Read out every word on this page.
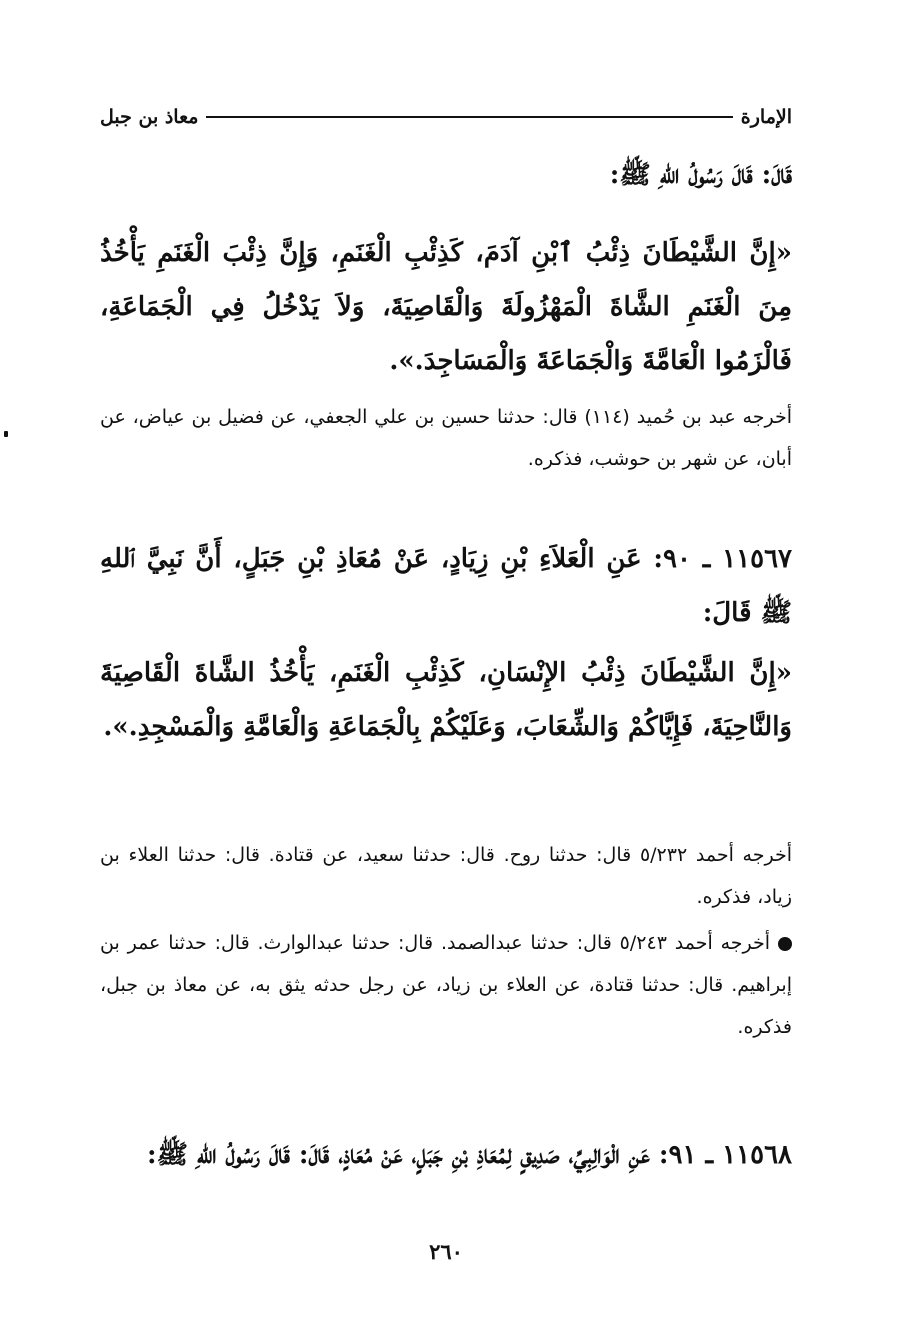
الإمارة
معاذ بن جبل
قَالَ: قَالَ رَسُولُ اللهِ ﷺ:
«إِنَّ الشَّيْطَانَ ذِئْبُ ٱبْنِ آدَمَ، كَذِئْبِ الْغَنَمِ، وَإِنَّ ذِئْبَ الْغَنَمِ يَأْخُذُ مِنَ الْغَنَمِ الشَّاةَ الْمَهْزُولَةَ وَالْقَاصِيَةَ، وَلاَ يَدْخُلُ فِي الْجَمَاعَةِ، فَالْزَمُوا الْعَامَّةَ وَالْجَمَاعَةَ وَالْمَسَاجِدَ.».
أخرجه عبد بن حُميد (١١٤) قال: حدثنا حسين بن علي الجعفي، عن فضيل بن عياض، عن أبان، عن شهر بن حوشب، فذكره.
١١٥٦٧ ـ ٩٠: عَنِ الْعَلاَءِ بْنِ زِيَادٍ، عَنْ مُعَاذِ بْنِ جَبَلٍ، أَنَّ نَبِيَّ ٱللهِ ﷺ قَالَ:
«إِنَّ الشَّيْطَانَ ذِئْبُ الإِنْسَانِ، كَذِئْبِ الْغَنَمِ، يَأْخُذُ الشَّاةَ الْقَاصِيَةَ وَالنَّاحِيَةَ، فَإِيَّاكُمْ وَالشِّعَابَ، وَعَلَيْكُمْ بِالْجَمَاعَةِ وَالْعَامَّةِ وَالْمَسْجِدِ.».
أخرجه أحمد ٥/٢٣٢ قال: حدثنا روح. قال: حدثنا سعيد، عن قتادة. قال: حدثنا العلاء بن زياد، فذكره.
أخرجه أحمد ٥/٢٤٣ قال: حدثنا عبدالصمد. قال: حدثنا عبدالوارث. قال: حدثنا عمر بن إبراهيم. قال: حدثنا قتادة، عن العلاء بن زياد، عن رجل حدثه يثق به، عن معاذ بن جبل، فذكره.
١١٥٦٨ ـ ٩١: عَنِ الْوَالِبِيِّ، صَدِيقٍ لِمُعَاذِ بْنِ جَبَلٍ، عَنْ مُعَاذٍ، قَالَ: قَالَ رَسُولُ اللهِ ﷺ:
٢٦٠
